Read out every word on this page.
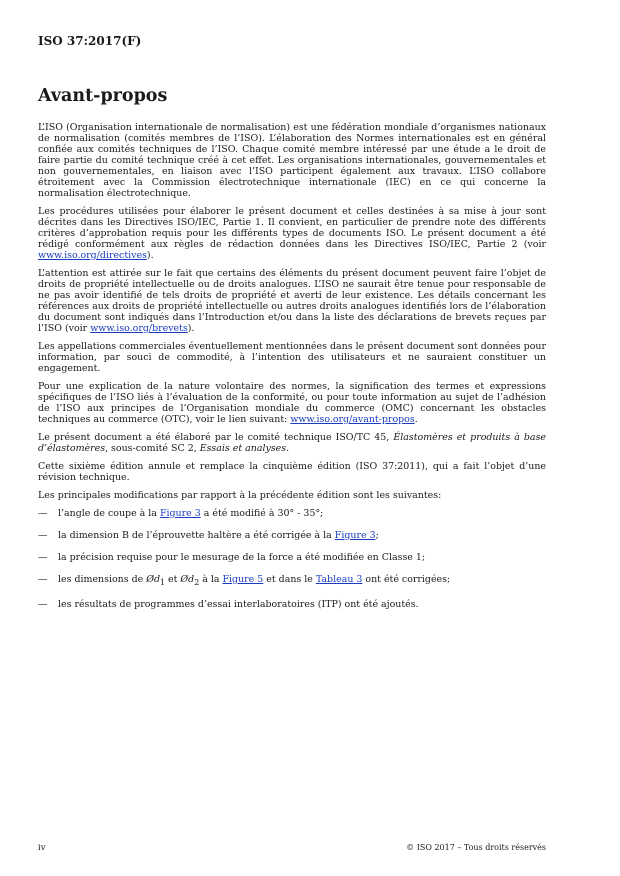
ISO 37:2017(F)
Avant-propos

L’ISO (Organisation internationale de normalisation) est une fédération mondiale d’organismes nationaux de normalisation (comités membres de l’ISO). L’élaboration des Normes internationales est en général confiée aux comités techniques de l’ISO. Chaque comité membre intéressé par une étude a le droit de faire partie du comité technique créé à cet effet. Les organisations internationales, gouvernementales et non gouvernementales, en liaison avec l’ISO participent également aux travaux. L’ISO collabore étroitement avec la Commission électrotechnique internationale (IEC) en ce qui concerne la normalisation électrotechnique.

Les procédures utilisées pour élaborer le présent document et celles destinées à sa mise à jour sont décrites dans les Directives ISO/IEC, Partie 1. Il convient, en particulier de prendre note des différents critères d’approbation requis pour les différents types de documents ISO. Le présent document a été rédigé conformément aux règles de rédaction données dans les Directives ISO/IEC, Partie 2 (voir www.iso.org/directives).

L’attention est attirée sur le fait que certains des éléments du présent document peuvent faire l’objet de droits de propriété intellectuelle ou de droits analogues. L’ISO ne saurait être tenue pour responsable de ne pas avoir identifié de tels droits de propriété et averti de leur existence. Les détails concernant les références aux droits de propriété intellectuelle ou autres droits analogues identifiés lors de l’élaboration du document sont indiqués dans l’Introduction et/ou dans la liste des déclarations de brevets reçues par l’ISO (voir www.iso.org/brevets).

Les appellations commerciales éventuellement mentionnées dans le présent document sont données pour information, par souci de commodité, à l’intention des utilisateurs et ne sauraient constituer un engagement.

Pour une explication de la nature volontaire des normes, la signification des termes et expressions spécifiques de l’ISO liés à l’évaluation de la conformité, ou pour toute information au sujet de l’adhésion de l’ISO aux principes de l’Organisation mondiale du commerce (OMC) concernant les obstacles techniques au commerce (OTC), voir le lien suivant: www.iso.org/avant-propos.

Le présent document a été élaboré par le comité technique ISO/TC 45, Élastomères et produits à base d’élastomères, sous-comité SC 2, Essais et analyses.

Cette sixième édition annule et remplace la cinquième édition (ISO 37:2011), qui a fait l’objet d’une révision technique.

Les principales modifications par rapport à la précédente édition sont les suivantes:

—	l’angle de coupe à la Figure 3 a été modifié à 30° - 35°;
—	la dimension B de l’éprouvette haltère a été corrigée à la Figure 3;
—	la précision requise pour le mesurage de la force a été modifiée en Classe 1;
—	les dimensions de $Ød_1$ et $Ød_2$ à la Figure 5 et dans le Tableau 3 ont été corrigées;
—	les résultats de programmes d’essai interlaboratoires (ITP) ont été ajoutés.
iv	© ISO 2017 – Tous droits réservés
